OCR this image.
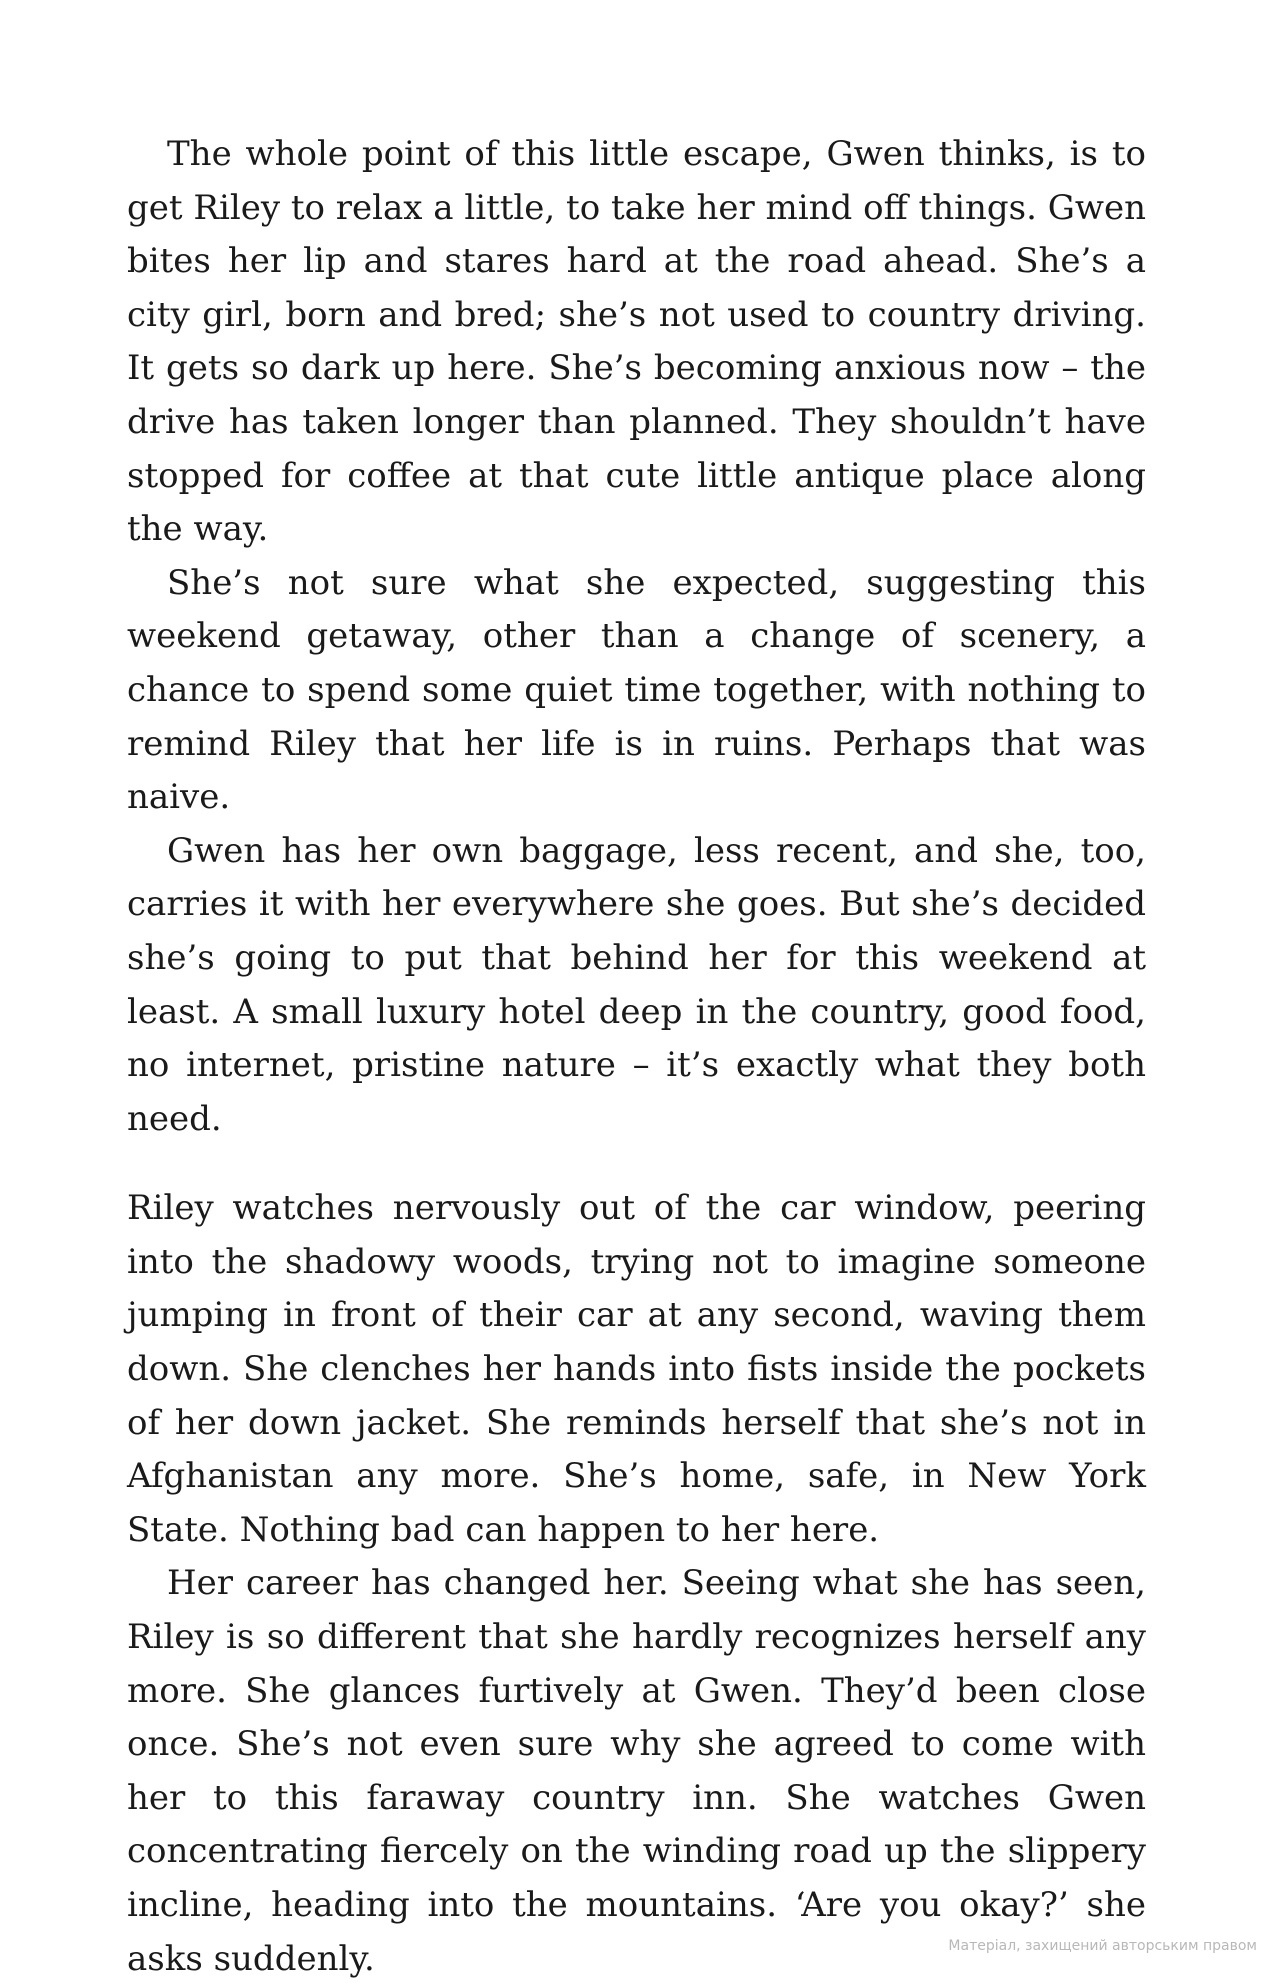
The whole point of this little escape, Gwen thinks, is to get Riley to relax a little, to take her mind off things. Gwen bites her lip and stares hard at the road ahead. She’s a city girl, born and bred; she’s not used to country driving. It gets so dark up here. She’s becoming anxious now – the drive has taken longer than planned. They shouldn’t have stopped for coffee at that cute little antique place along the way.

She’s not sure what she expected, suggesting this weekend getaway, other than a change of scenery, a chance to spend some quiet time together, with nothing to remind Riley that her life is in ruins. Perhaps that was naive.

Gwen has her own baggage, less recent, and she, too, carries it with her everywhere she goes. But she’s decided she’s going to put that behind her for this weekend at least. A small luxury hotel deep in the country, good food, no internet, pristine nature – it’s exactly what they both need.

Riley watches nervously out of the car window, peering into the shadowy woods, trying not to imagine someone jumping in front of their car at any second, waving them down. She clenches her hands into fists inside the pockets of her down jacket. She reminds herself that she’s not in Afghanistan any more. She’s home, safe, in New York State. Nothing bad can happen to her here.

Her career has changed her. Seeing what she has seen, Riley is so different that she hardly recognizes herself any more. She glances furtively at Gwen. They’d been close once. She’s not even sure why she agreed to come with her to this faraway country inn. She watches Gwen concentrating fiercely on the winding road up the slippery incline, heading into the mountains. ‘Are you okay?’ she asks suddenly.	Матеріал, захищений авторським правом
